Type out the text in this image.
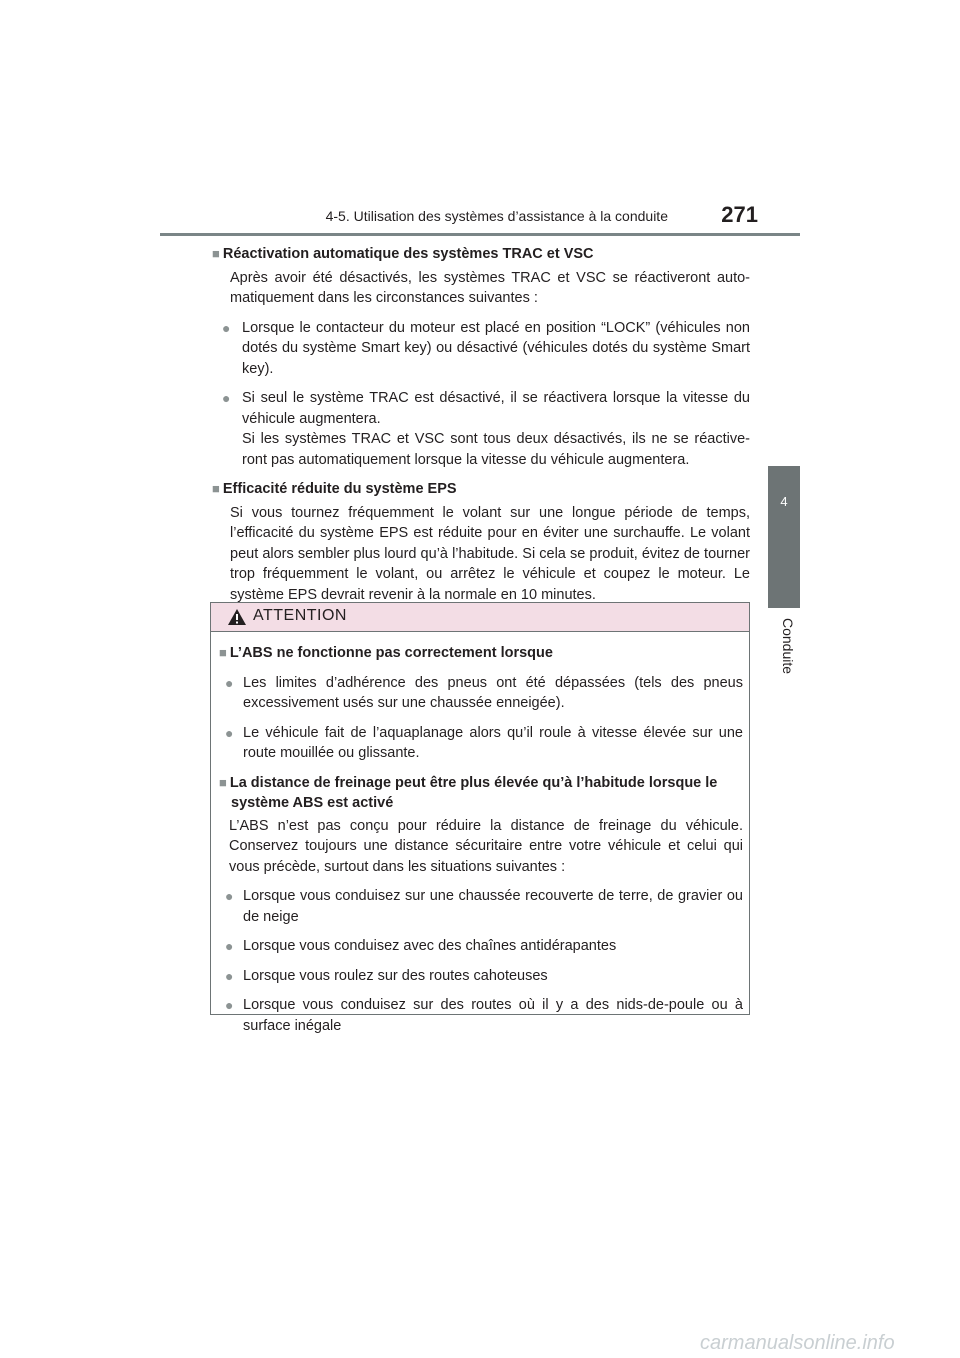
4-5. Utilisation des systèmes d’assistance à la conduite 271
4
Conduite
■ Réactivation automatique des systèmes TRAC et VSC
Après avoir été désactivés, les systèmes TRAC et VSC se réactiveront auto-matiquement dans les circonstances suivantes :
● Lorsque le contacteur du moteur est placé en position “LOCK” (véhicules non dotés du système Smart key) ou désactivé (véhicules dotés du système Smart key).
● Si seul le système TRAC est désactivé, il se réactivera lorsque la vitesse du véhicule augmentera.
Si les systèmes TRAC et VSC sont tous deux désactivés, ils ne se réactive-ront pas automatiquement lorsque la vitesse du véhicule augmentera.
■ Efficacité réduite du système EPS
Si vous tournez fréquemment le volant sur une longue période de temps, l’efficacité du système EPS est réduite pour en éviter une surchauffe. Le volant peut alors sembler plus lourd qu’à l’habitude. Si cela se produit, évitez de tourner trop fréquemment le volant, ou arrêtez le véhicule et coupez le moteur. Le système EPS devrait revenir à la normale en 10 minutes.
ATTENTION
■ L’ABS ne fonctionne pas correctement lorsque
● Les limites d’adhérence des pneus ont été dépassées (tels des pneus excessivement usés sur une chaussée enneigée).
● Le véhicule fait de l’aquaplanage alors qu’il roule à vitesse élevée sur une route mouillée ou glissante.
■ La distance de freinage peut être plus élevée qu’à l’habitude lorsque le système ABS est activé
L’ABS n’est pas conçu pour réduire la distance de freinage du véhicule. Conservez toujours une distance sécuritaire entre votre véhicule et celui qui vous précède, surtout dans les situations suivantes :
● Lorsque vous conduisez sur une chaussée recouverte de terre, de gravier ou de neige
● Lorsque vous conduisez avec des chaînes antidérapantes
● Lorsque vous roulez sur des routes cahoteuses
● Lorsque vous conduisez sur des routes où il y a des nids-de-poule ou à surface inégale
carmanualsonline.info
